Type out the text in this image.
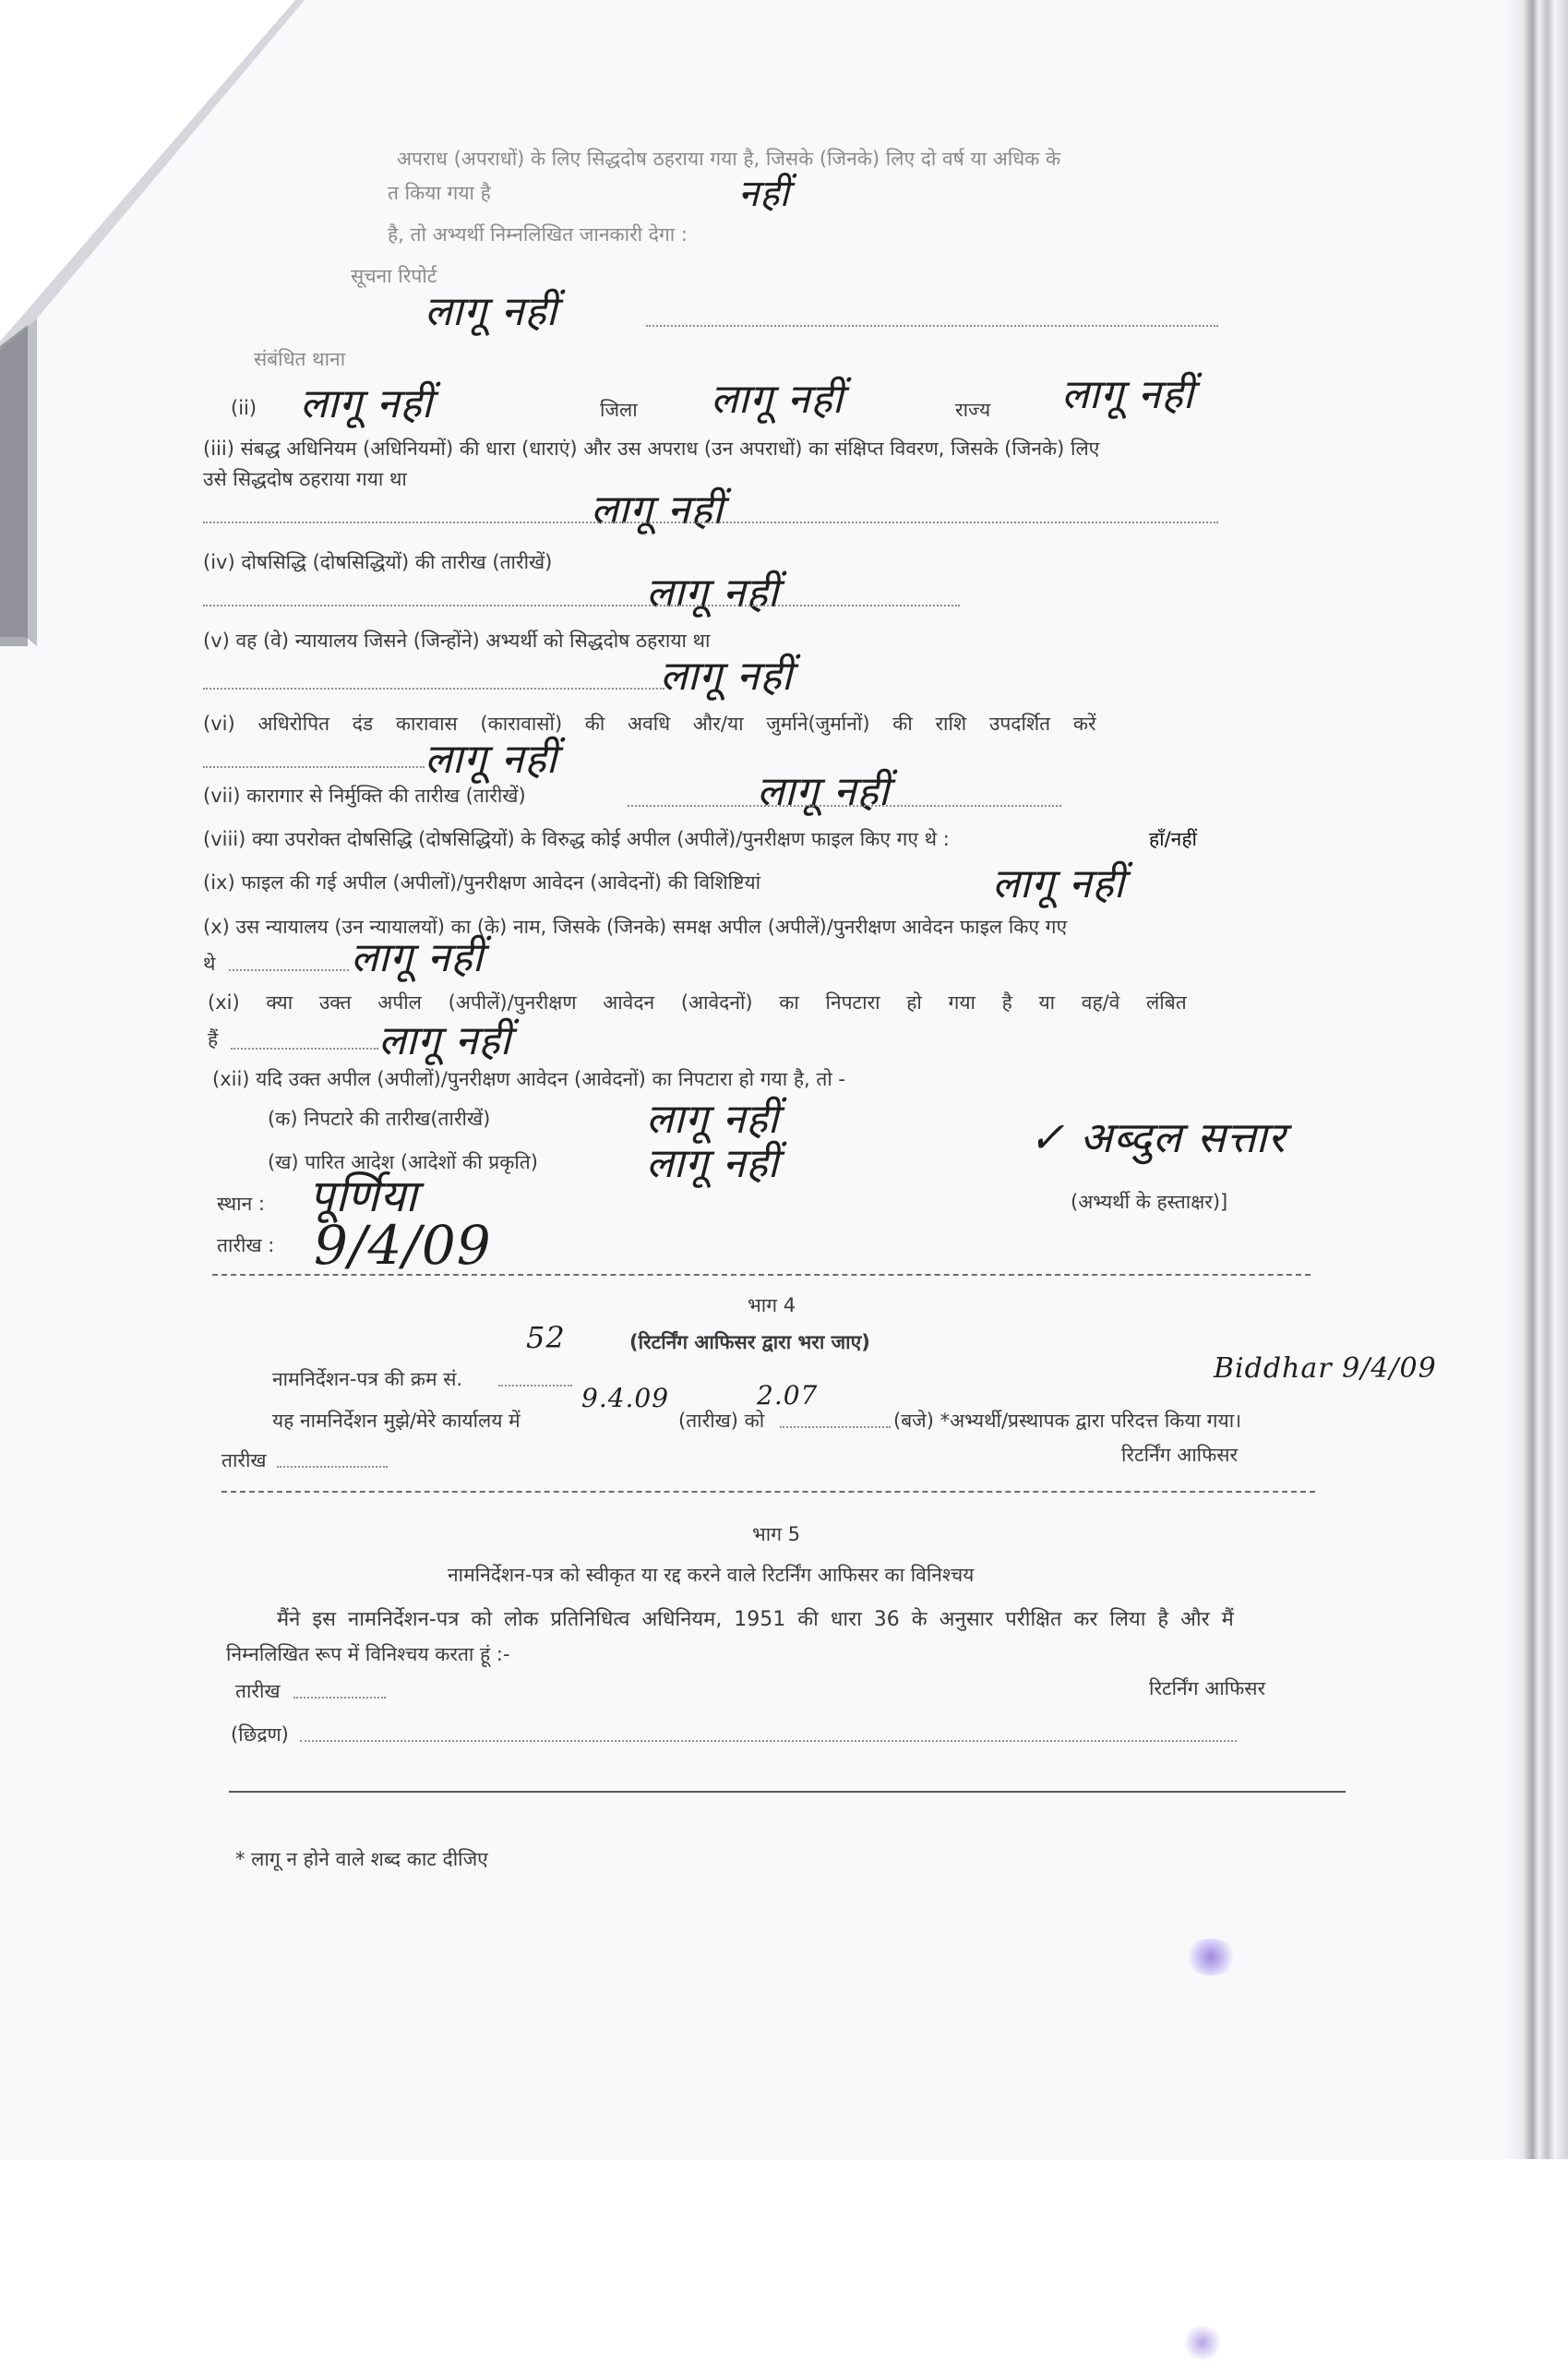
अपराध (अपराधों) के लिए सिद्धदोष ठहराया गया है, जिसके (जिनके) लिए दो वर्ष या अधिक के
त किया गया है	नहीं
है, तो अभ्यर्थी निम्नलिखित जानकारी देगा :
सूचना रिपोर्ट
लागू नहीं
संबंधित थाना
(ii) लागू नहीं	जिला लागू नहीं	राज्य लागू नहीं
(iii) संबद्ध अधिनियम (अधिनियमों) की धारा (धाराएं) और उस अपराध (उन अपराधों) का संक्षिप्त विवरण, जिसके (जिनके) लिए
उसे सिद्धदोष ठहराया गया था
लागू नहीं
(iv) दोषसिद्धि (दोषसिद्धियों) की तारीख (तारीखें)
लागू नहीं
(v) वह (वे) न्यायालय जिसने (जिन्होंने) अभ्यर्थी को सिद्धदोष ठहराया था
लागू नहीं
(vi) अधिरोपित दंड कारावास (कारावासों) की अवधि और/या जुर्माने(जुर्मानों) की राशि उपदर्शित करें
लागू नहीं
(vii) कारागार से निर्मुक्ति की तारीख (तारीखें)	लागू नहीं
(viii) क्या उपरोक्त दोषसिद्धि (दोषसिद्धियों) के विरुद्ध कोई अपील (अपीलें)/पुनरीक्षण फाइल किए गए थे :	हाँ/नहीं
(ix) फाइल की गई अपील (अपीलों)/पुनरीक्षण आवेदन (आवेदनों) की विशिष्टियां	लागू नहीं
(x) उस न्यायालय (उन न्यायालयों) का (के) नाम, जिसके (जिनके) समक्ष अपील (अपीलें)/पुनरीक्षण आवेदन फाइल किए गए
थे	लागू नहीं
(xi) क्या उक्त अपील (अपीलें)/पुनरीक्षण आवेदन (आवेदनों) का निपटारा हो गया है या वह/वे लंबित
हैं	लागू नहीं
(xii) यदि उक्त अपील (अपीलों)/पुनरीक्षण आवेदन (आवेदनों) का निपटारा हो गया है, तो -
(क) निपटारे की तारीख(तारीखें)	लागू नहीं
(ख) पारित आदेश (आदेशों की प्रकृति)	लागू नहीं
✓ अब्दुल सत्तार
(अभ्यर्थी के हस्ताक्षर)]
स्थान : पूर्णिया
तारीख : 9/4/09
भाग 4
52	(रिटर्निंग आफिसर द्वारा भरा जाए)
नामनिर्देशन-पत्र की क्रम सं.
यह नामनिर्देशन मुझे/मेरे कार्यालय में
9.4.09
(तारीख) को
2.07
(बजे) *अभ्यर्थी/प्रस्थापक द्वारा परिदत्त किया गया।
Biddhar 9/4/09
तारीख	रिटर्निंग आफिसर
भाग 5
नामनिर्देशन-पत्र को स्वीकृत या रद्द करने वाले रिटर्निंग आफिसर का विनिश्चय
मैंने इस नामनिर्देशन-पत्र को लोक प्रतिनिधित्व अधिनियम, 1951 की धारा 36 के अनुसार परीक्षित कर लिया है और मैं
निम्नलिखित रूप में विनिश्चय करता हूं :-
तारीख	रिटर्निंग आफिसर
(छिद्रण)
* लागू न होने वाले शब्द काट दीजिए
